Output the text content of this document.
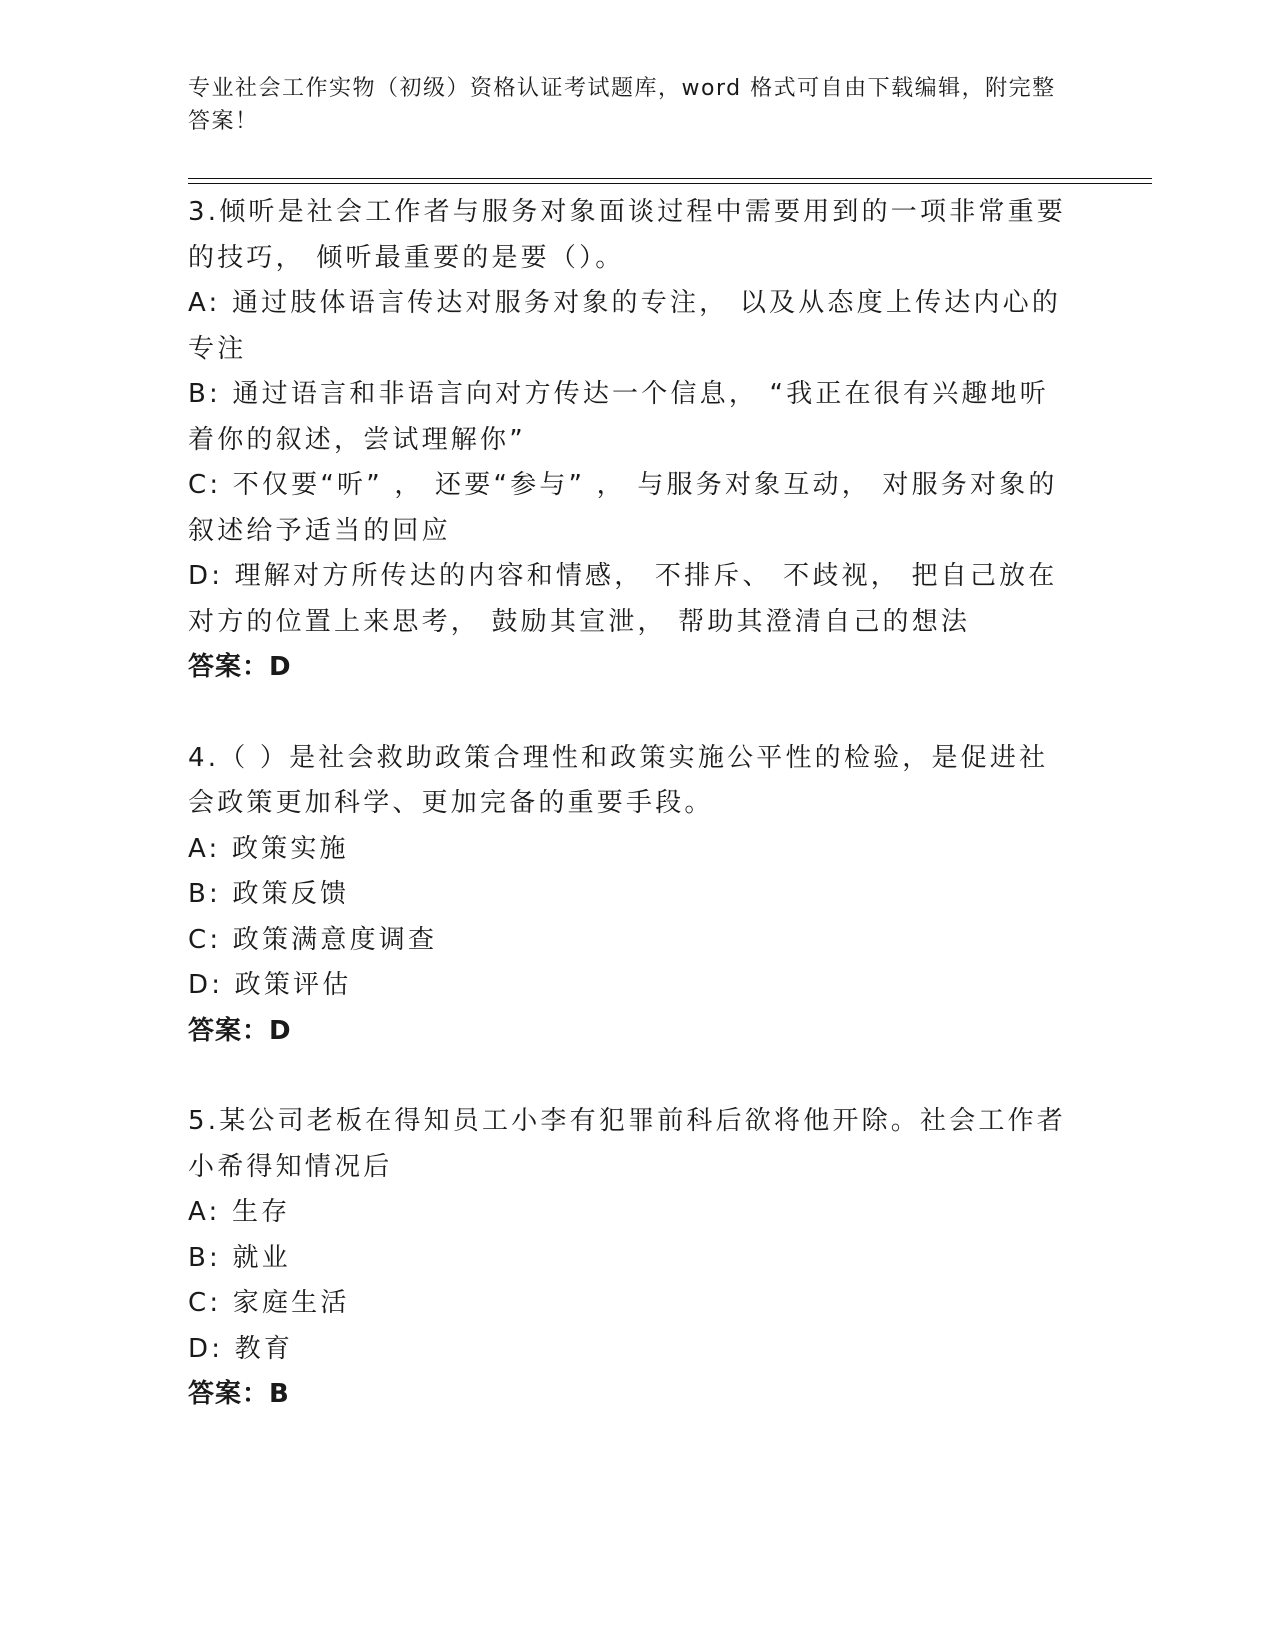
专业社会工作实物（初级）资格认证考试题库，word 格式可自由下载编辑，附完整答案！

3.倾听是社会工作者与服务对象面谈过程中需要用到的一项非常重要的技巧， 倾听最重要的是要（）。

A: 通过肢体语言传达对服务对象的专注， 以及从态度上传达内心的专注

B: 通过语言和非语言向对方传达一个信息， “我正在很有兴趣地听着你的叙述，尝试理解你”

C: 不仅要“听” ， 还要“参与” ， 与服务对象互动， 对服务对象的叙述给予适当的回应

D: 理解对方所传达的内容和情感， 不排斥、 不歧视， 把自己放在对方的位置上来思考， 鼓励其宣泄， 帮助其澄清自己的想法

答案：D

4.（ ）是社会救助政策合理性和政策实施公平性的检验，是促进社会政策更加科学、更加完备的重要手段。

A: 政策实施

B: 政策反馈

C: 政策满意度调查

D: 政策评估

答案：D

5.某公司老板在得知员工小李有犯罪前科后欲将他开除。社会工作者小希得知情况后

A: 生存

B: 就业

C: 家庭生活

D: 教育

答案：B
